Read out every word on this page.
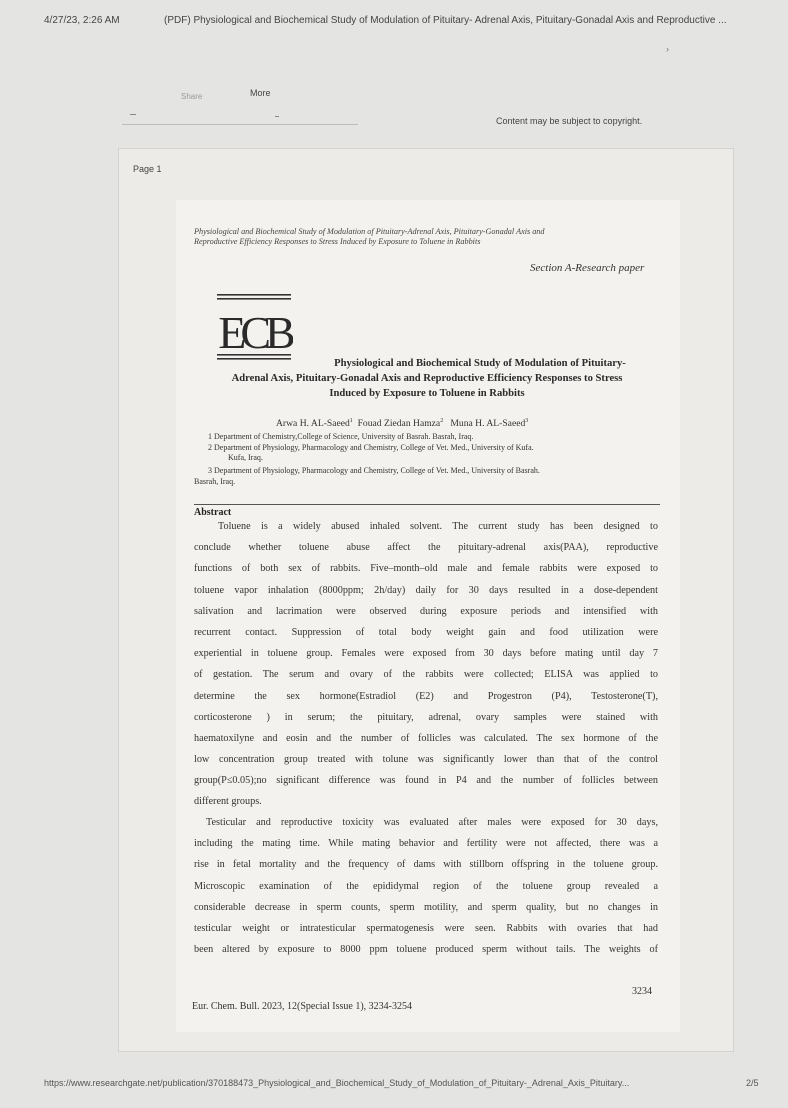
4/27/23, 2:26 AM	(PDF) Physiological and Biochemical Study of Modulation of Pituitary- Adrenal Axis, Pituitary-Gonadal Axis and Reproductive ...
›
Share	More
Content may be subject to copyright.
Page 1
Physiological and Biochemical Study of Modulation of Pituitary-Adrenal Axis, Pituitary-Gonadal Axis and
Reproductive Efficiency Responses to Stress Induced by Exposure to Toluene in Rabbits
Section A-Research paper
ECB
Physiological and Biochemical Study of Modulation of Pituitary-
Adrenal Axis, Pituitary-Gonadal Axis and Reproductive Efficiency Responses to Stress
Induced by Exposure to Toluene in Rabbits
Arwa H. AL-Saeed$^1$ Fouad Ziedan Hamza$^2$ Muna H. AL-Saeed$^3$
1 Department of Chemistry,College of Science, University of Basrah. Basrah, Iraq.
2 Department of Physiology, Pharmacology and Chemistry, College of Vet. Med., University of Kufa.
Kufa, Iraq.
3 Department of Physiology, Pharmacology and Chemistry, College of Vet. Med., University of Basrah.
Basrah, Iraq.
Abstract
Toluene is a widely abused inhaled solvent. The current study has been designed to
conclude whether toluene abuse affect the pituitary-adrenal axis(PAA), reproductive
functions of both sex of rabbits. Five–month–old male and female rabbits were exposed to
toluene vapor inhalation (8000ppm; 2h/day) daily for 30 days resulted in a dose-dependent
salivation and lacrimation were observed during exposure periods and intensified with
recurrent contact. Suppression of total body weight gain and food utilization were
experiential in toluene group. Females were exposed from 30 days before mating until day 7
of gestation. The serum and ovary of the rabbits were collected; ELISA was applied to
determine the sex hormone(Estradiol (E2) and Progestron (P4), Testosterone(T),
corticosterone ) in serum; the pituitary, adrenal, ovary samples were stained with
haematoxilyne and eosin and the number of follicles was calculated. The sex hormone of the
low concentration group treated with tolune was significantly lower than that of the control
group(P≤0.05);no significant difference was found in P4 and the number of follicles between
different groups.
Testicular and reproductive toxicity was evaluated after males were exposed for 30 days,
including the mating time. While mating behavior and fertility were not affected, there was a
rise in fetal mortality and the frequency of dams with stillborn offspring in the toluene group.
Microscopic examination of the epididymal region of the toluene group revealed a
considerable decrease in sperm counts, sperm motility, and sperm quality, but no changes in
testicular weight or intratesticular spermatogenesis were seen. Rabbits with ovaries that had
been altered by exposure to 8000 ppm toluene produced sperm without tails. The weights of
3234
Eur. Chem. Bull. 2023, 12(Special Issue 1), 3234-3254
https://www.researchgate.net/publication/370188473_Physiological_and_Biochemical_Study_of_Modulation_of_Pituitary-_Adrenal_Axis_Pituitary...	2/5
